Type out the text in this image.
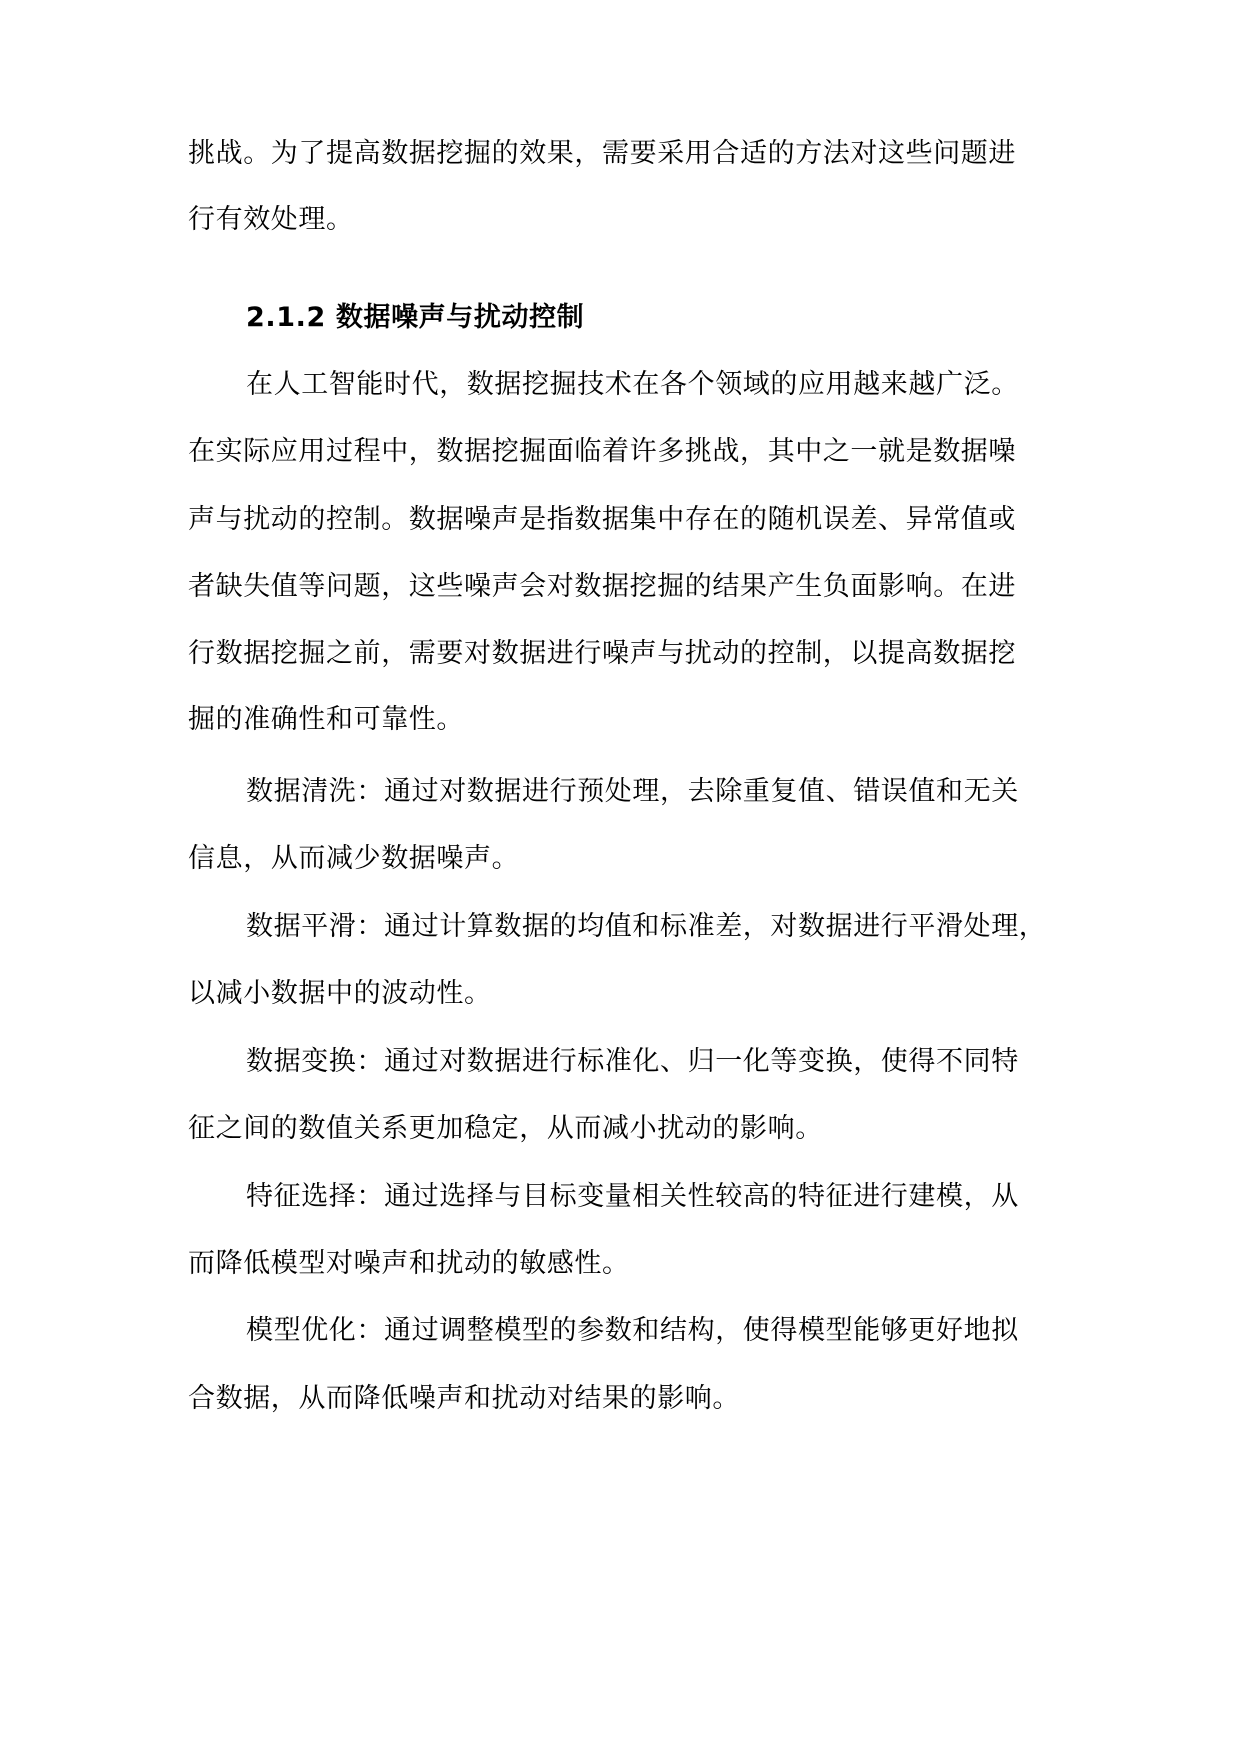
挑战。为了提高数据挖掘的效果，需要采用合适的方法对这些问题进
行有效处理。
2.1.2 数据噪声与扰动控制
在人工智能时代，数据挖掘技术在各个领域的应用越来越广泛。
在实际应用过程中，数据挖掘面临着许多挑战，其中之一就是数据噪
声与扰动的控制。数据噪声是指数据集中存在的随机误差、异常值或
者缺失值等问题，这些噪声会对数据挖掘的结果产生负面影响。在进
行数据挖掘之前，需要对数据进行噪声与扰动的控制，以提高数据挖
掘的准确性和可靠性。
数据清洗：通过对数据进行预处理，去除重复值、错误值和无关
信息，从而减少数据噪声。
数据平滑：通过计算数据的均值和标准差，对数据进行平滑处理，
以减小数据中的波动性。
数据变换：通过对数据进行标准化、归一化等变换，使得不同特
征之间的数值关系更加稳定，从而减小扰动的影响。
特征选择：通过选择与目标变量相关性较高的特征进行建模，从
而降低模型对噪声和扰动的敏感性。
模型优化：通过调整模型的参数和结构，使得模型能够更好地拟
合数据，从而降低噪声和扰动对结果的影响。
